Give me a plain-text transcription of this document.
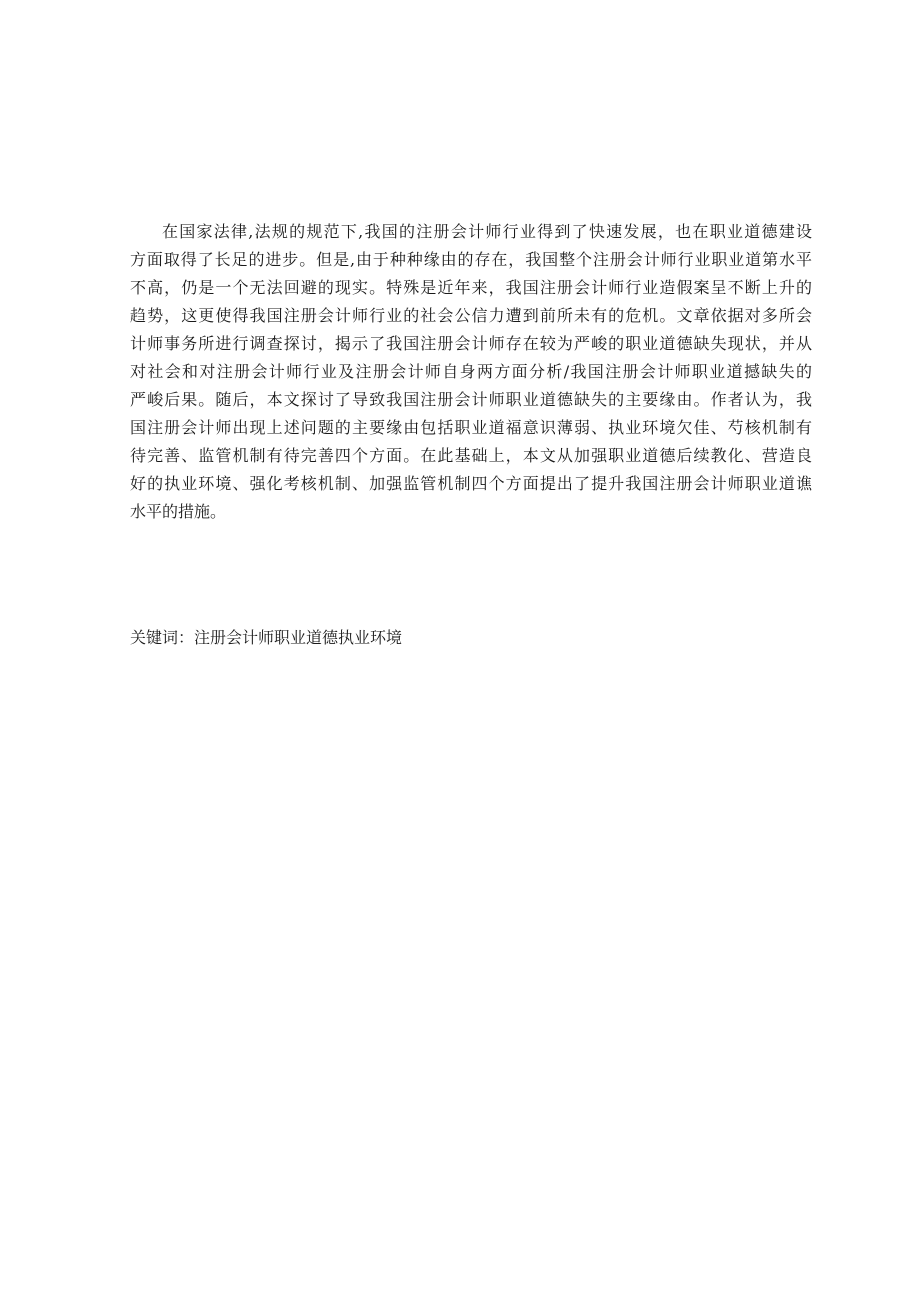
在国家法律,法规的规范下,我国的注册会计师行业得到了快速发展，也在职业道德建设
方面取得了长足的进步。但是,由于种种缘由的存在，我国整个注册会计师行业职业道第水平
不高，仍是一个无法回避的现实。特殊是近年来，我国注册会计师行业造假案呈不断上升的
趋势，这更使得我国注册会计师行业的社会公信力遭到前所未有的危机。文章依据对多所会
计师事务所进行调查探讨，揭示了我国注册会计师存在较为严峻的职业道德缺失现状，并从
对社会和对注册会计师行业及注册会计师自身两方面分析/我国注册会计师职业道撼缺失的
严峻后果。随后，本文探讨了导致我国注册会计师职业道德缺失的主要缘由。作者认为，我
国注册会计师出现上述问题的主要缘由包括职业道福意识薄弱、执业环境欠佳、芍核机制有
待完善、监管机制有待完善四个方面。在此基础上，本文从加强职业道德后续教化、营造良
好的执业环境、强化考核机制、加强监管机制四个方面提出了提升我国注册会计师职业道谯
水平的措施。
关键词：注册会计师职业道德执业环境
